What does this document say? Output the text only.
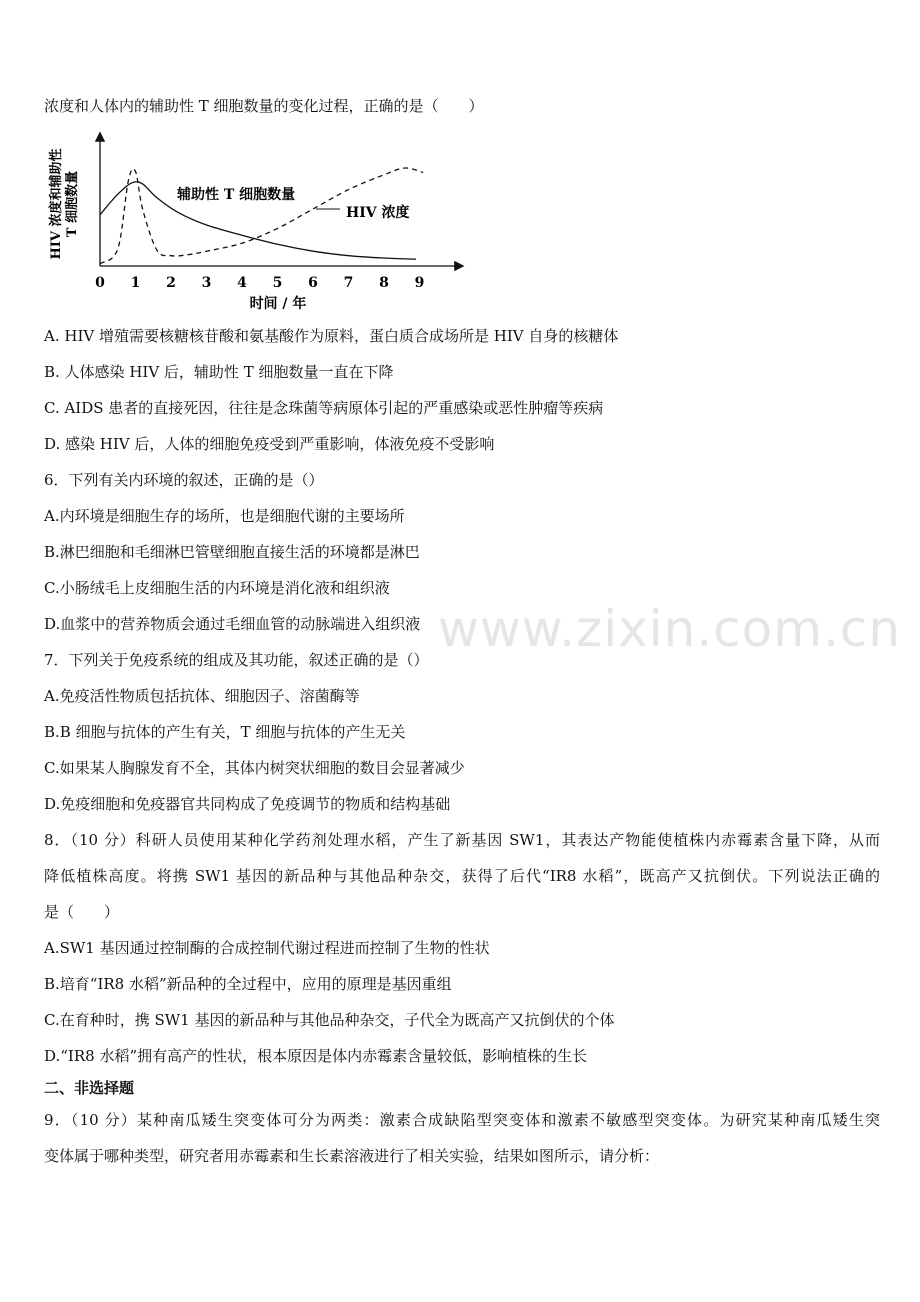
浓度和人体内的辅助性 T 细胞数量的变化过程，正确的是（　　）
0 1 2 3 4 5 6 7 8 9
辅助性 T 细胞数量
HIV 浓度
HIV 浓度和辅助性 T 细胞数量
时间 / 年
A. HIV 增殖需要核糖核苷酸和氨基酸作为原料，蛋白质合成场所是 HIV 自身的核糖体
B. 人体感染 HIV 后，辅助性 T 细胞数量一直在下降
C. AIDS 患者的直接死因，往往是念珠菌等病原体引起的严重感染或恶性肿瘤等疾病
D. 感染 HIV 后，人体的细胞免疫受到严重影响，体液免疫不受影响
6．下列有关内环境的叙述，正确的是（）
A.内环境是细胞生存的场所，也是细胞代谢的主要场所
B.淋巴细胞和毛细淋巴管壁细胞直接生活的环境都是淋巴
C.小肠绒毛上皮细胞生活的内环境是消化液和组织液
D.血浆中的营养物质会通过毛细血管的动脉端进入组织液 www.zixin.com.cn
7．下列关于免疫系统的组成及其功能，叙述正确的是（）
A.免疫活性物质包括抗体、细胞因子、溶菌酶等
B.B 细胞与抗体的产生有关，T 细胞与抗体的产生无关
C.如果某人胸腺发育不全，其体内树突状细胞的数目会显著减少
D.免疫细胞和免疫器官共同构成了免疫调节的物质和结构基础
8．（10 分）科研人员使用某种化学药剂处理水稻，产生了新基因 SW1，其表达产物能使植株内赤霉素含量下降，从而
降低植株高度。将携 SW1 基因的新品种与其他品种杂交，获得了后代“IR8 水稻”，既高产又抗倒伏。下列说法正确的
是（　　）
A.SW1 基因通过控制酶的合成控制代谢过程进而控制了生物的性状
B.培育“IR8 水稻”新品种的全过程中，应用的原理是基因重组
C.在育种时，携 SW1 基因的新品种与其他品种杂交，子代全为既高产又抗倒伏的个体
D.“IR8 水稻”拥有高产的性状，根本原因是体内赤霉素含量较低，影响植株的生长
二、非选择题
9．（10 分）某种南瓜矮生突变体可分为两类：激素合成缺陷型突变体和激素不敏感型突变体。为研究某种南瓜矮生突
变体属于哪种类型，研究者用赤霉素和生长素溶液进行了相关实验，结果如图所示，请分析：
